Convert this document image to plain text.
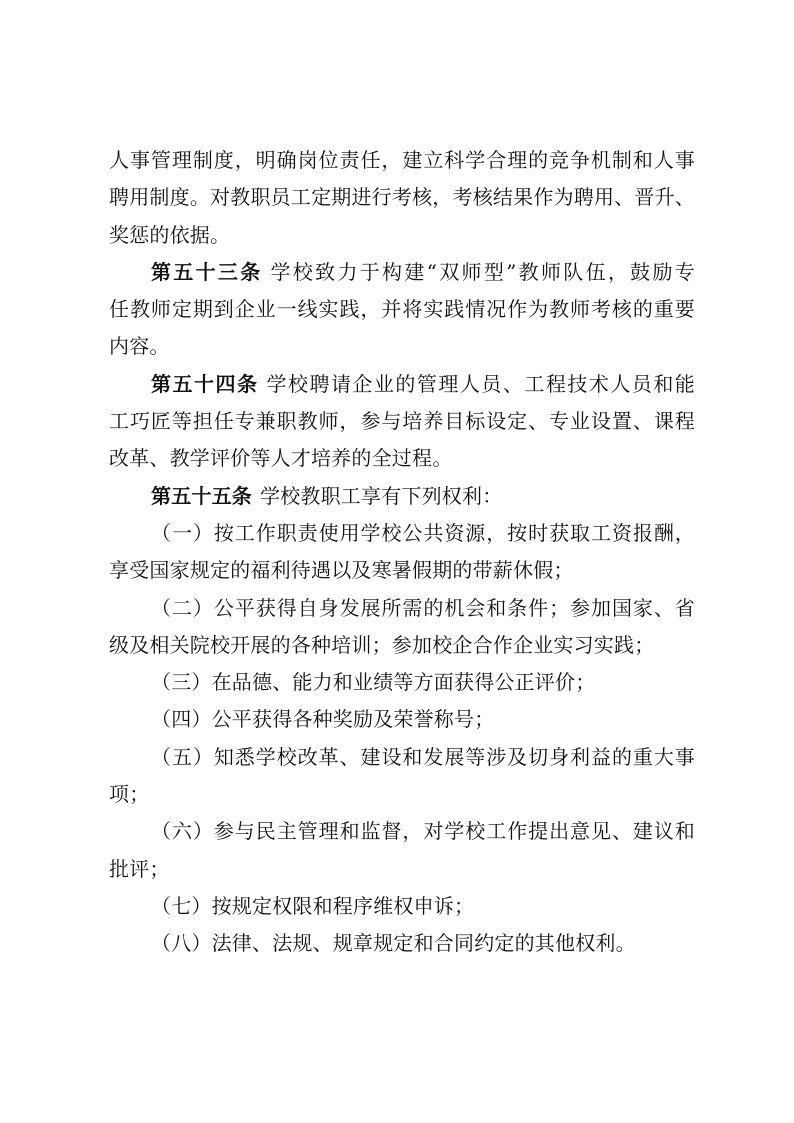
人事管理制度，明确岗位责任，建立科学合理的竞争机制和人事
聘用制度。对教职员工定期进行考核，考核结果作为聘用、晋升、
奖惩的依据。
第五十三条 学校致力于构建“双师型”教师队伍，鼓励专
任教师定期到企业一线实践，并将实践情况作为教师考核的重要
内容。
第五十四条 学校聘请企业的管理人员、工程技术人员和能
工巧匠等担任专兼职教师，参与培养目标设定、专业设置、课程
改革、教学评价等人才培养的全过程。
第五十五条 学校教职工享有下列权利：
（一）按工作职责使用学校公共资源，按时获取工资报酬，
享受国家规定的福利待遇以及寒暑假期的带薪休假；
（二）公平获得自身发展所需的机会和条件；参加国家、省
级及相关院校开展的各种培训；参加校企合作企业实习实践；
（三）在品德、能力和业绩等方面获得公正评价；
（四）公平获得各种奖励及荣誉称号；
（五）知悉学校改革、建设和发展等涉及切身利益的重大事
项；
（六）参与民主管理和监督，对学校工作提出意见、建议和
批评；
（七）按规定权限和程序维权申诉；
（八）法律、法规、规章规定和合同约定的其他权利。
